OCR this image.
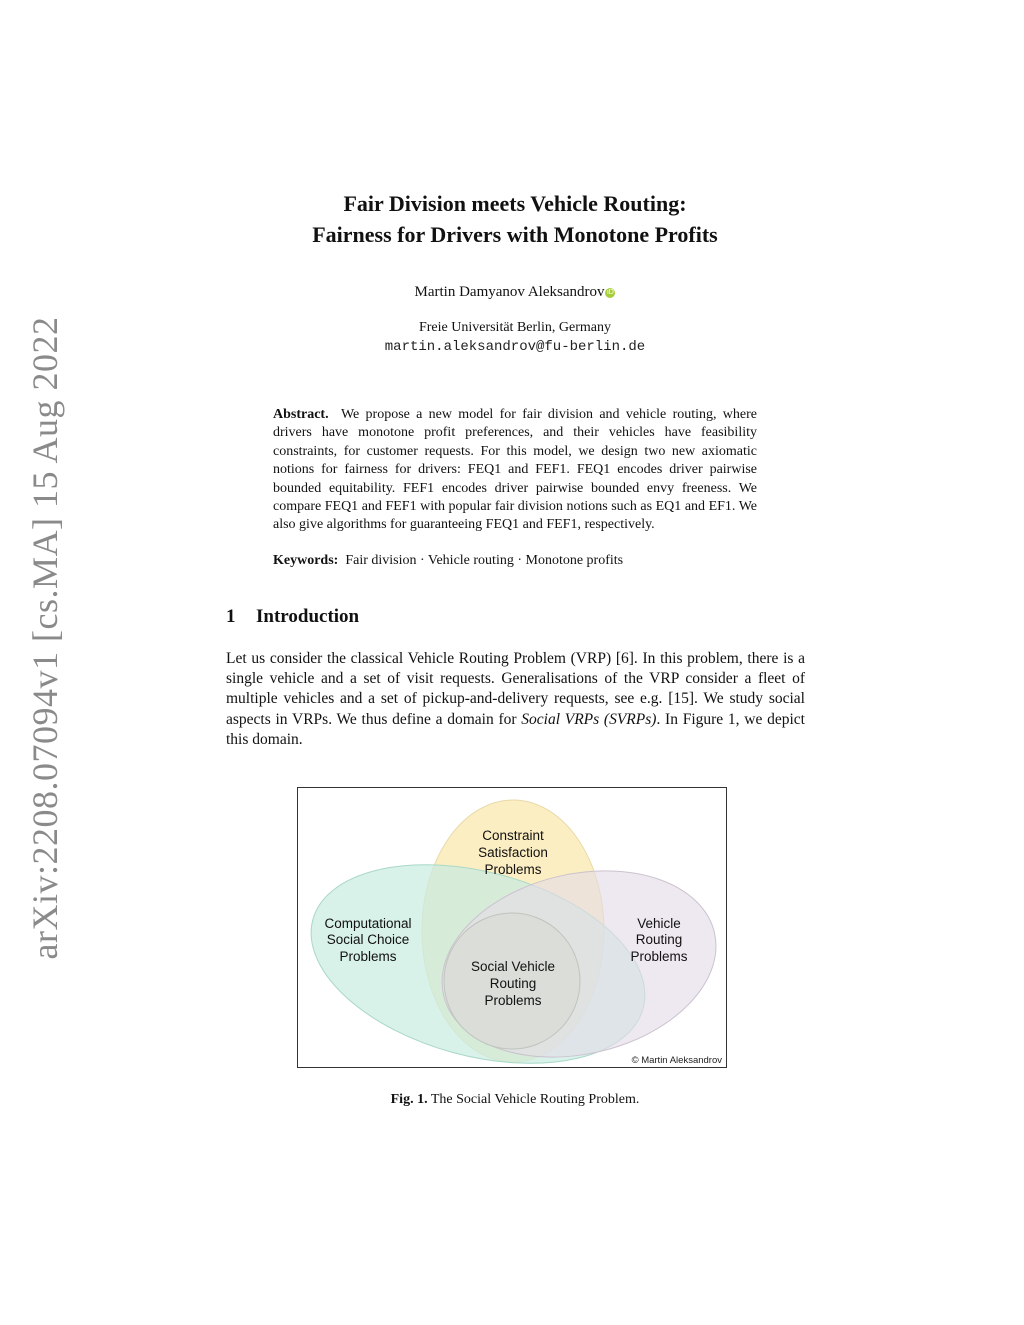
arXiv:2208.07094v1 [cs.MA] 15 Aug 2022
Fair Division meets Vehicle Routing:
Fairness for Drivers with Monotone Profits
Martin Damyanov Aleksandrov iD
Freie Universität Berlin, Germany
martin.aleksandrov@fu-berlin.de
Abstract. We propose a new model for fair division and vehicle routing, where drivers have monotone profit preferences, and their vehicles have feasibility constraints, for customer requests. For this model, we design two new axiomatic notions for fairness for drivers: FEQ1 and FEF1. FEQ1 encodes driver pairwise bounded equitability. FEF1 encodes driver pairwise bounded envy freeness. We compare FEQ1 and FEF1 with popular fair division notions such as EQ1 and EF1. We also give algorithms for guaranteeing FEQ1 and FEF1, respectively.
Keywords: Fair division · Vehicle routing · Monotone profits
1 Introduction
Let us consider the classical Vehicle Routing Problem (VRP) [6]. In this problem, there is a single vehicle and a set of visit requests. Generalisations of the VRP consider a fleet of multiple vehicles and a set of pickup-and-delivery requests, see e.g. [15]. We study social aspects in VRPs. We thus define a domain for Social VRPs (SVRPs). In Figure 1, we depict this domain.
Constraint
Satisfaction
Problems
Computational
Social Choice
Problems
Vehicle
Routing
Problems
Social Vehicle
Routing
Problems
© Martin Aleksandrov
Fig. 1. The Social Vehicle Routing Problem.
